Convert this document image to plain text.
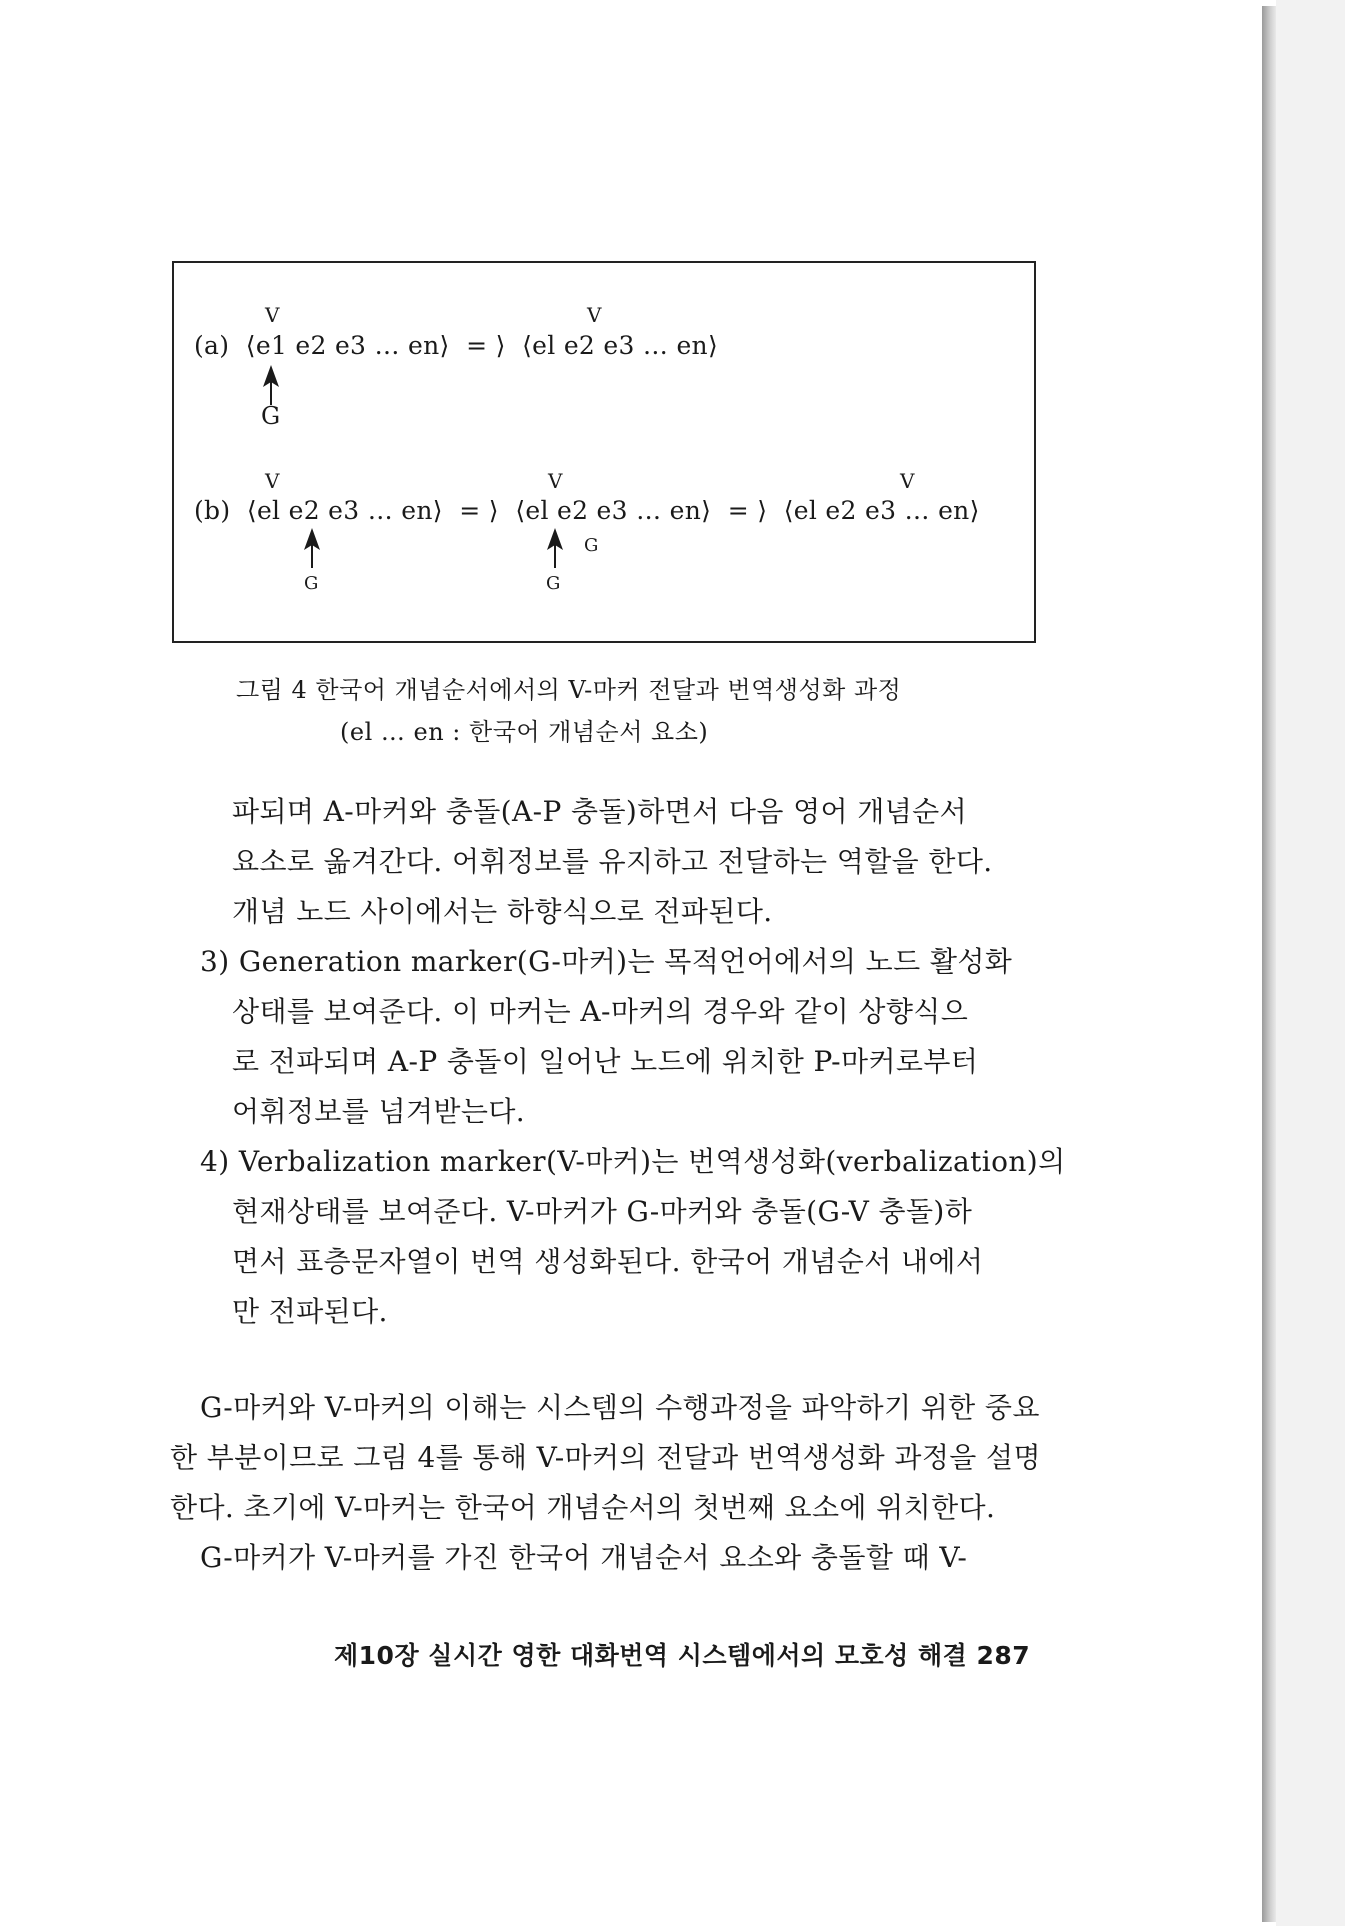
V	V
(a)  ⟨e1 e2 e3 … en⟩  = ⟩  ⟨el e2 e3 … en⟩
G
V	V	V
(b)  ⟨el e2 e3 … en⟩  = ⟩  ⟨el e2 e3 … en⟩  = ⟩  ⟨el e2 e3 … en⟩
G	G
G
그림 4 한국어 개념순서에서의 V-마커 전달과 번역생성화 과정
(el … en : 한국어 개념순서 요소)
파되며 A-마커와 충돌(A-P 충돌)하면서 다음 영어 개념순서
요소로 옮겨간다. 어휘정보를 유지하고 전달하는 역할을 한다.
개념 노드 사이에서는 하향식으로 전파된다.
3) Generation marker(G-마커)는 목적언어에서의 노드 활성화
상태를 보여준다. 이 마커는 A-마커의 경우와 같이 상향식으
로 전파되며 A-P 충돌이 일어난 노드에 위치한 P-마커로부터
어휘정보를 넘겨받는다.
4) Verbalization marker(V-마커)는 번역생성화(verbalization)의
현재상태를 보여준다. V-마커가 G-마커와 충돌(G-V 충돌)하
면서 표층문자열이 번역 생성화된다. 한국어 개념순서 내에서
만 전파된다.
G-마커와 V-마커의 이해는 시스템의 수행과정을 파악하기 위한 중요
한 부분이므로 그림 4를 통해 V-마커의 전달과 번역생성화 과정을 설명
한다. 초기에 V-마커는 한국어 개념순서의 첫번째 요소에 위치한다.
G-마커가 V-마커를 가진 한국어 개념순서 요소와 충돌할 때 V-
제10장 실시간 영한 대화번역 시스템에서의 모호성 해결 287
